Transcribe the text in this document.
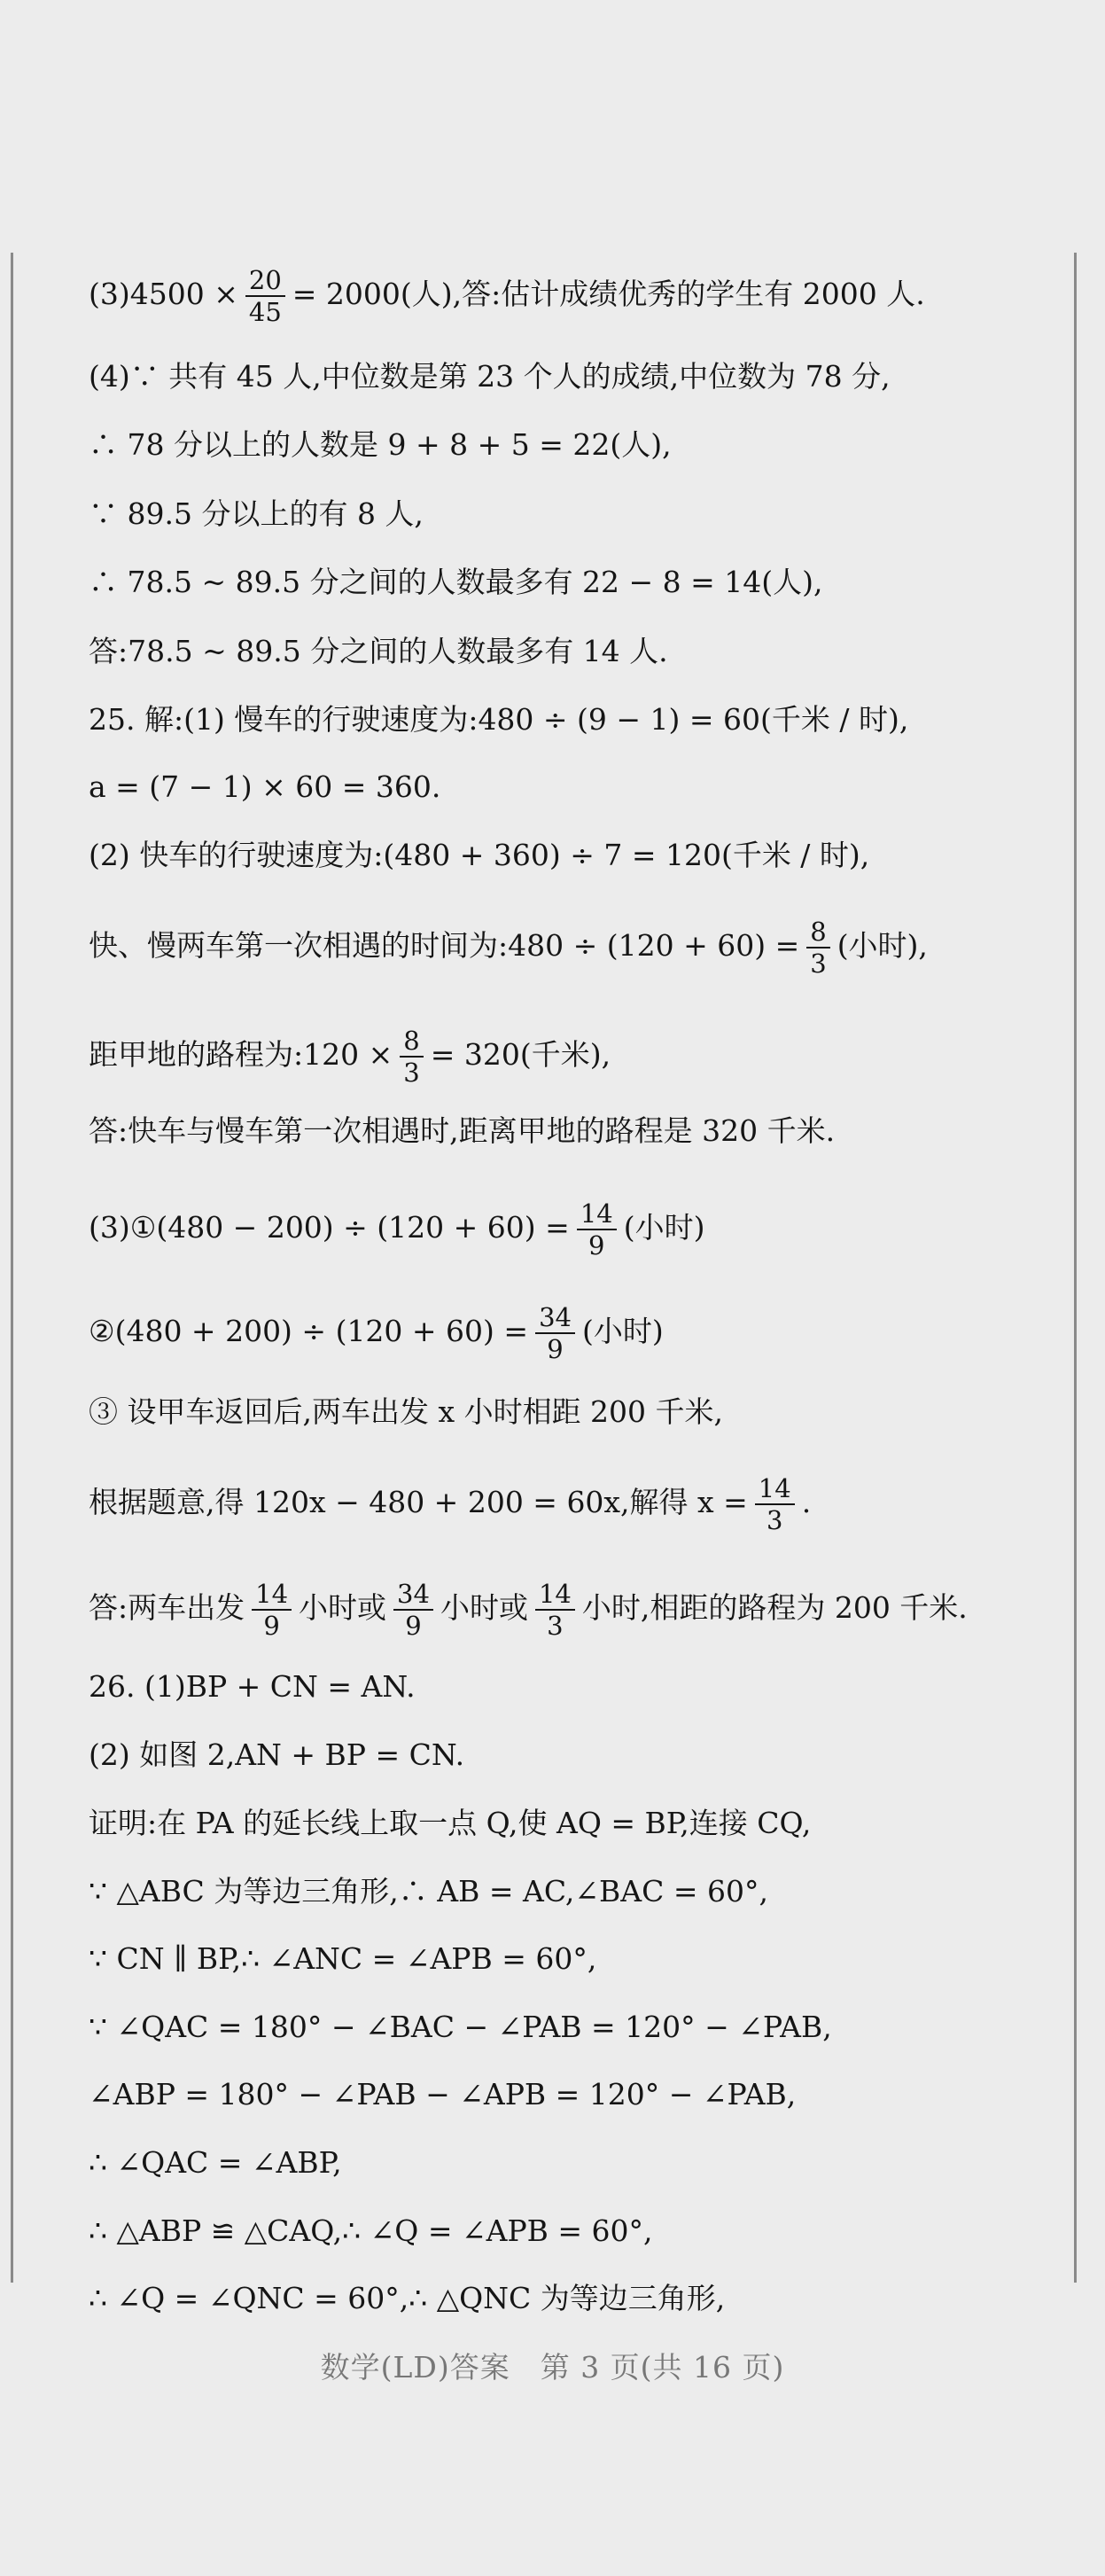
$(3)4500 \times \frac{20}{45} = 2000$(人),答:估计成绩优秀的学生有 2000 人.
(4)∵ 共有 45 人,中位数是第 23 个人的成绩,中位数为 78 分,
∴ 78 分以上的人数是 9 + 8 + 5 = 22(人),
∵ 89.5 分以上的有 8 人,
∴ 78.5 ~ 89.5 分之间的人数最多有 22 − 8 = 14(人),
答:78.5 ~ 89.5 分之间的人数最多有 14 人.
25. 解:(1) 慢车的行驶速度为:480 ÷ (9 − 1) = 60(千米 / 时),
a = (7 − 1) × 60 = 360.
(2) 快车的行驶速度为:(480 + 360) ÷ 7 = 120(千米 / 时),
快、慢两车第一次相遇的时间为:480 ÷ $(120 + 60) = \frac{8}{3}$ (小时),
距甲地的路程为:120 × $\frac{8}{3} = 320$(千米),
答:快车与慢车第一次相遇时,距离甲地的路程是 320 千米.
(3)①(480 − $200) \div (120 + 60) = \frac{14}{9}$ (小时)
②(480 + $200) \div (120 + 60) = \frac{34}{9}$ (小时)
③ 设甲车返回后,两车出发 x 小时相距 200 千米,
根据题意,得 120x − 480 + 200 = 60x,解得 $x = \frac{14}{3}$ .
答:两车出发 $\frac{14}{9}$ 小时或 $\frac{34}{9}$ 小时或 $\frac{14}{3}$ 小时,相距的路程为 200 千米.
26. (1)BP + CN = AN.
(2) 如图 2,AN + BP = CN.
证明:在 PA 的延长线上取一点 Q,使 AQ = BP,连接 CQ,
∵ △ABC 为等边三角形,∴ AB = AC,∠BAC = 60°,
∵ CN ∥ BP,∴ ∠ANC = ∠APB = 60°,
∵ ∠QAC = 180° − ∠BAC − ∠PAB = 120° − ∠PAB,
∠ABP = 180° − ∠PAB − ∠APB = 120° − ∠PAB,
∴ ∠QAC = ∠ABP,
∴ △ABP ≌ △CAQ,∴ ∠Q = ∠APB = 60°,
∴ ∠Q = ∠QNC = 60°,∴ △QNC 为等边三角形,
数学(LD)答案　第 3 页(共 16 页)
